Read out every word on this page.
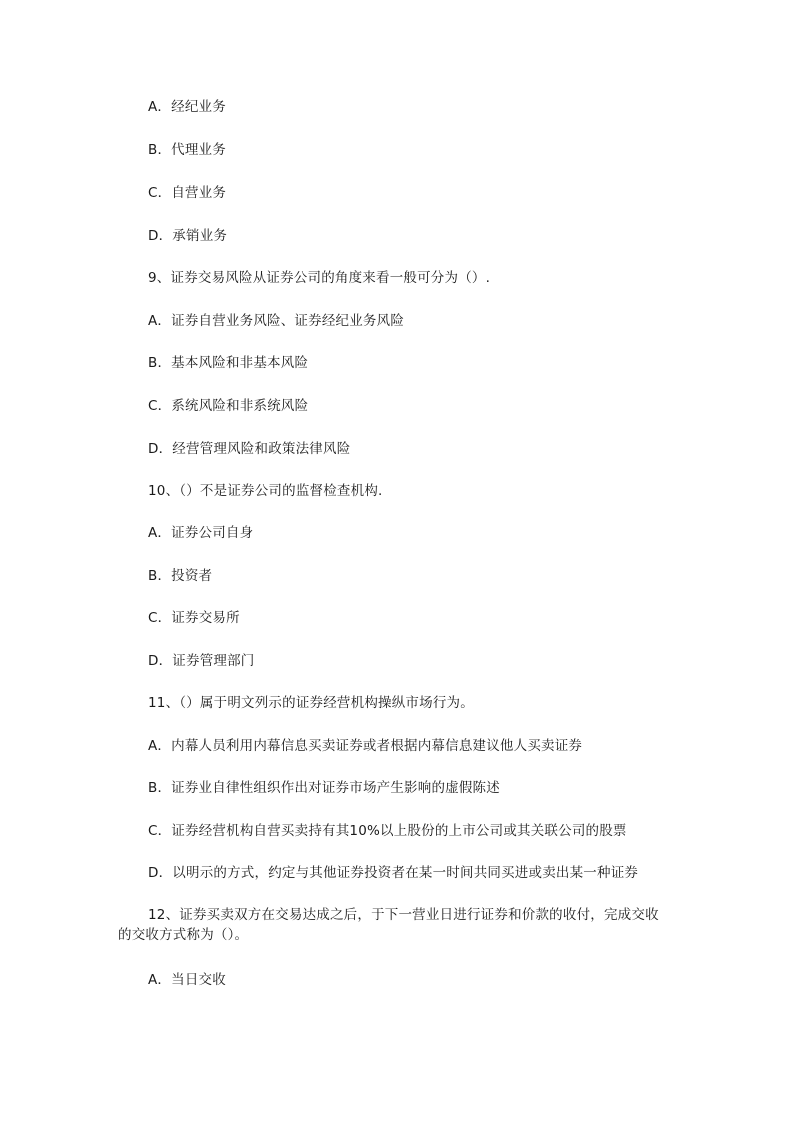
A．经纪业务
B．代理业务
C．自营业务
D．承销业务
9、证券交易风险从证券公司的角度来看一般可分为（）.
A．证券自营业务风险、证券经纪业务风险
B．基本风险和非基本风险
C．系统风险和非系统风险
D．经营管理风险和政策法律风险
10、（）不是证券公司的监督检查机构.
A．证券公司自身
B．投资者
C．证券交易所
D．证券管理部门
11、（）属于明文列示的证券经营机构操纵市场行为。
A．内幕人员利用内幕信息买卖证券或者根据内幕信息建议他人买卖证券
B．证券业自律性组织作出对证券市场产生影响的虚假陈述
C．证券经营机构自营买卖持有其10%以上股份的上市公司或其关联公司的股票
D．以明示的方式，约定与其他证券投资者在某一时间共同买进或卖出某一种证券
12、证券买卖双方在交易达成之后，于下一营业日进行证券和价款的收付，完成交收
的交收方式称为（）。
A．当日交收
